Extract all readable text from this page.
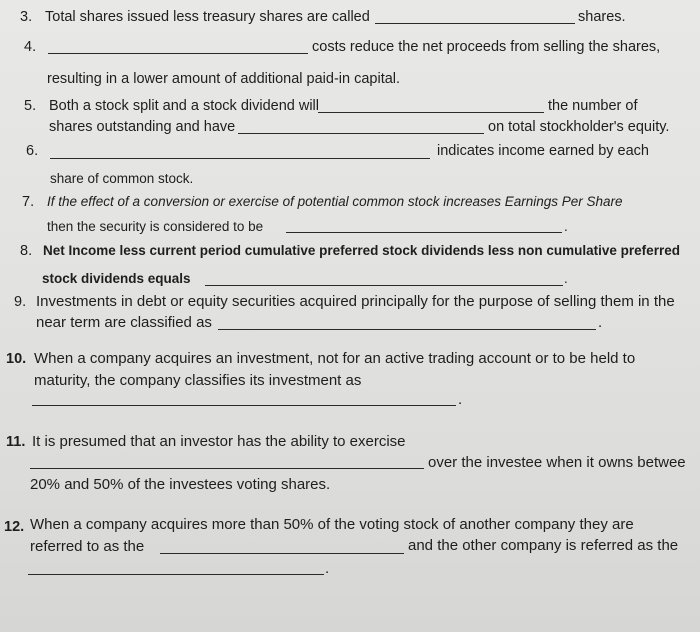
3. Total shares issued less treasury shares are called	shares.
4.	costs reduce the net proceeds from selling the shares,
resulting in a lower amount of additional paid-in capital.
5. Both a stock split and a stock dividend will	the number of
shares outstanding and have	on total stockholder's equity.
6.	indicates income earned by each
share of common stock.
7. If the effect of a conversion or exercise of potential common stock increases Earnings Per Share
then the security is considered to be	.
8. Net Income less current period cumulative preferred stock dividends less non cumulative preferred
stock dividends equals	.
9. Investments in debt or equity securities acquired principally for the purpose of selling them in the
near term are classified as	.
10. When a company acquires an investment, not for an active trading account or to be held to
maturity, the company classifies its investment as
.
11. It is presumed that an investor has the ability to exercise
over the investee when it owns betwee
20% and 50% of the investees voting shares.
12. When a company acquires more than 50% of the voting stock of another company they are
referred to as the	and the other company is referred as the
.
